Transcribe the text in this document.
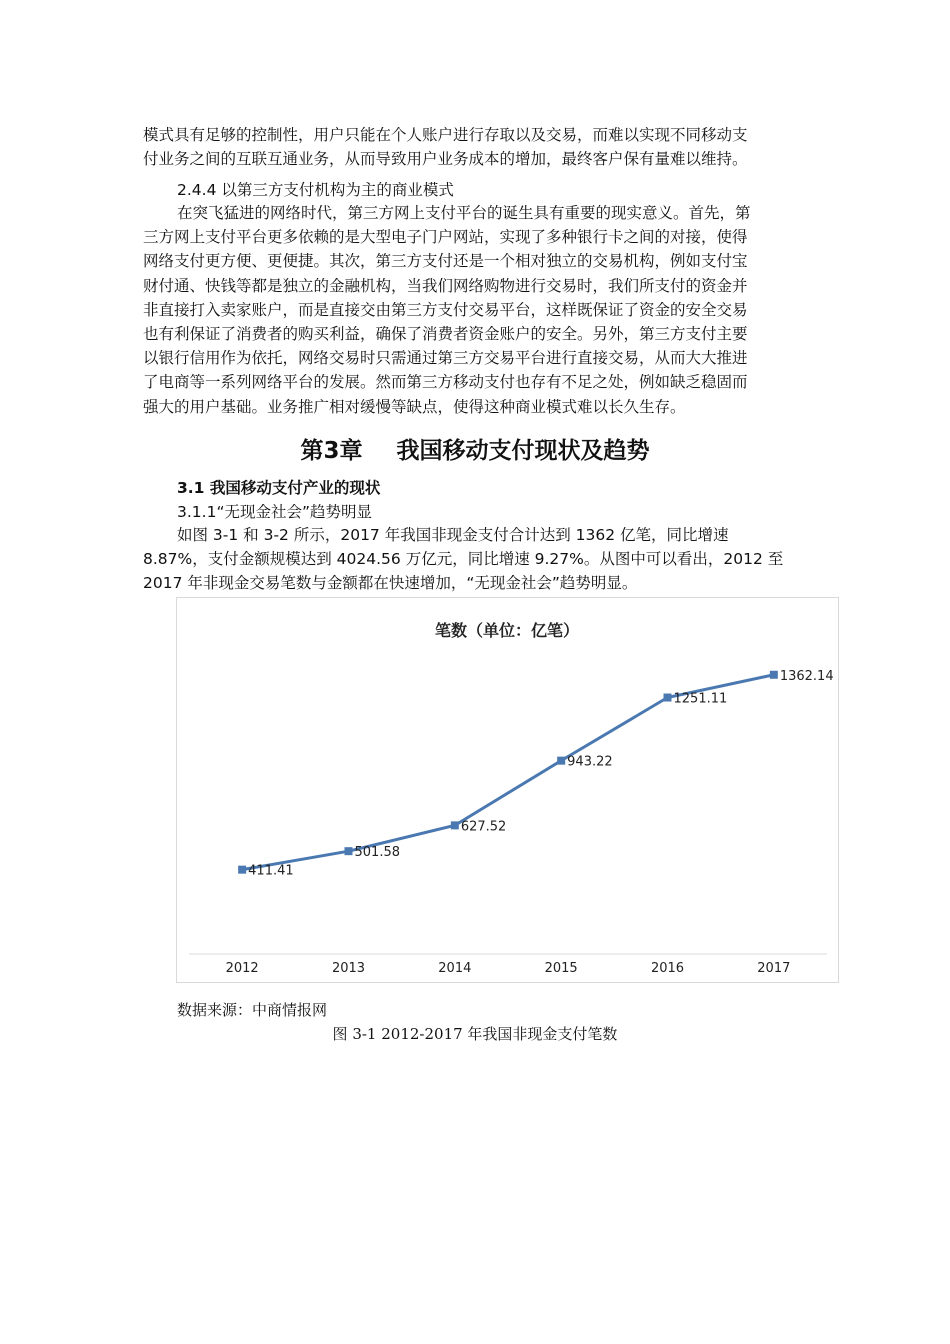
模式具有足够的控制性，用户只能在个人账户进行存取以及交易，而难以实现不同移动支
付业务之间的互联互通业务，从而导致用户业务成本的增加，最终客户保有量难以维持。

2.4.4 以第三方支付机构为主的商业模式

在突飞猛进的网络时代，第三方网上支付平台的诞生具有重要的现实意义。首先，第
三方网上支付平台更多依赖的是大型电子门户网站，实现了多种银行卡之间的对接，使得
网络支付更方便、更便捷。其次，第三方支付还是一个相对独立的交易机构，例如支付宝
财付通、快钱等都是独立的金融机构，当我们网络购物进行交易时，我们所支付的资金并
非直接打入卖家账户，而是直接交由第三方支付交易平台，这样既保证了资金的安全交易
也有利保证了消费者的购买利益，确保了消费者资金账户的安全。另外，第三方支付主要
以银行信用作为依托，网络交易时只需通过第三方交易平台进行直接交易，从而大大推进
了电商等一系列网络平台的发展。然而第三方移动支付也存有不足之处，例如缺乏稳固而
强大的用户基础。业务推广相对缓慢等缺点，使得这种商业模式难以长久生存。
第3章 我国移动支付现状及趋势

3.1 我国移动支付产业的现状

3.1.1“无现金社会”趋势明显

如图 3-1 和 3-2 所示，2017 年我国非现金支付合计达到 1362 亿笔，同比增速
8.87%，支付金额规模达到 4024.56 万亿元，同比增速 9.27%。从图中可以看出，2012 至
2017 年非现金交易笔数与金额都在快速增加，“无现金社会”趋势明显。
笔数（单位：亿笔）
2012	2013	2014	2015	2016	2017
411.41
501.58
627.52
943.22
1251.11
1362.14

数据来源：中商情报网

图 3-1 2012-2017 年我国非现金支付笔数
